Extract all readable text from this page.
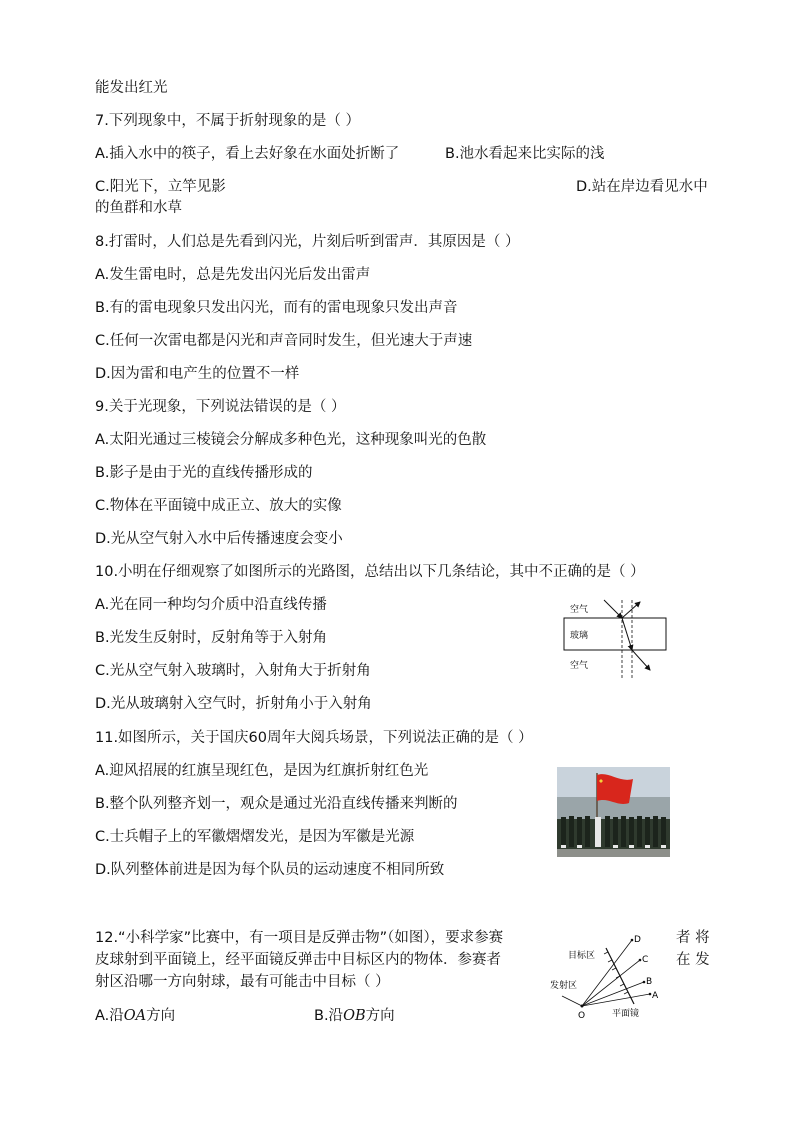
能发出红光
7.下列现象中，不属于折射现象的是（ ）
A.插入水中的筷子，看上去好象在水面处折断了	B.池水看起来比实际的浅
C.阳光下，立竿见影	D.站在岸边看见水中
的鱼群和水草
8.打雷时，人们总是先看到闪光，片刻后听到雷声．其原因是（ ）
A.发生雷电时，总是先发出闪光后发出雷声
B.有的雷电现象只发出闪光，而有的雷电现象只发出声音
C.任何一次雷电都是闪光和声音同时发生，但光速大于声速
D.因为雷和电产生的位置不一样
9.关于光现象，下列说法错误的是（ ）
A.太阳光通过三棱镜会分解成多种色光，这种现象叫光的色散
B.影子是由于光的直线传播形成的
C.物体在平面镜中成正立、放大的实像
D.光从空气射入水中后传播速度会变小
10.小明在仔细观察了如图所示的光路图，总结出以下几条结论，其中不正确的是（ ）
A.光在同一种均匀介质中沿直线传播
B.光发生反射时，反射角等于入射角
C.光从空气射入玻璃时，入射角大于折射角
D.光从玻璃射入空气时，折射角小于入射角
空气
玻璃
空气
11.如图所示，关于国庆60周年大阅兵场景，下列说法正确的是（ ）
A.迎风招展的红旗呈现红色，是因为红旗折射红色光
B.整个队列整齐划一，观众是通过光沿直线传播来判断的
C.士兵帽子上的军徽熠熠发光，是因为军徽是光源
D.队列整体前进是因为每个队员的运动速度不相同所致
12.“小科学家”比赛中，有一项目是反弹击物”（如图），要求参赛	者 将
皮球射到平面镜上，经平面镜反弹击中目标区内的物体．参赛者	在 发
射区沿哪一方向射球，最有可能击中目标（ ）
A.沿OA方向	B.沿OB方向
目标区
发射区
平面镜
O
A
B
C
D
